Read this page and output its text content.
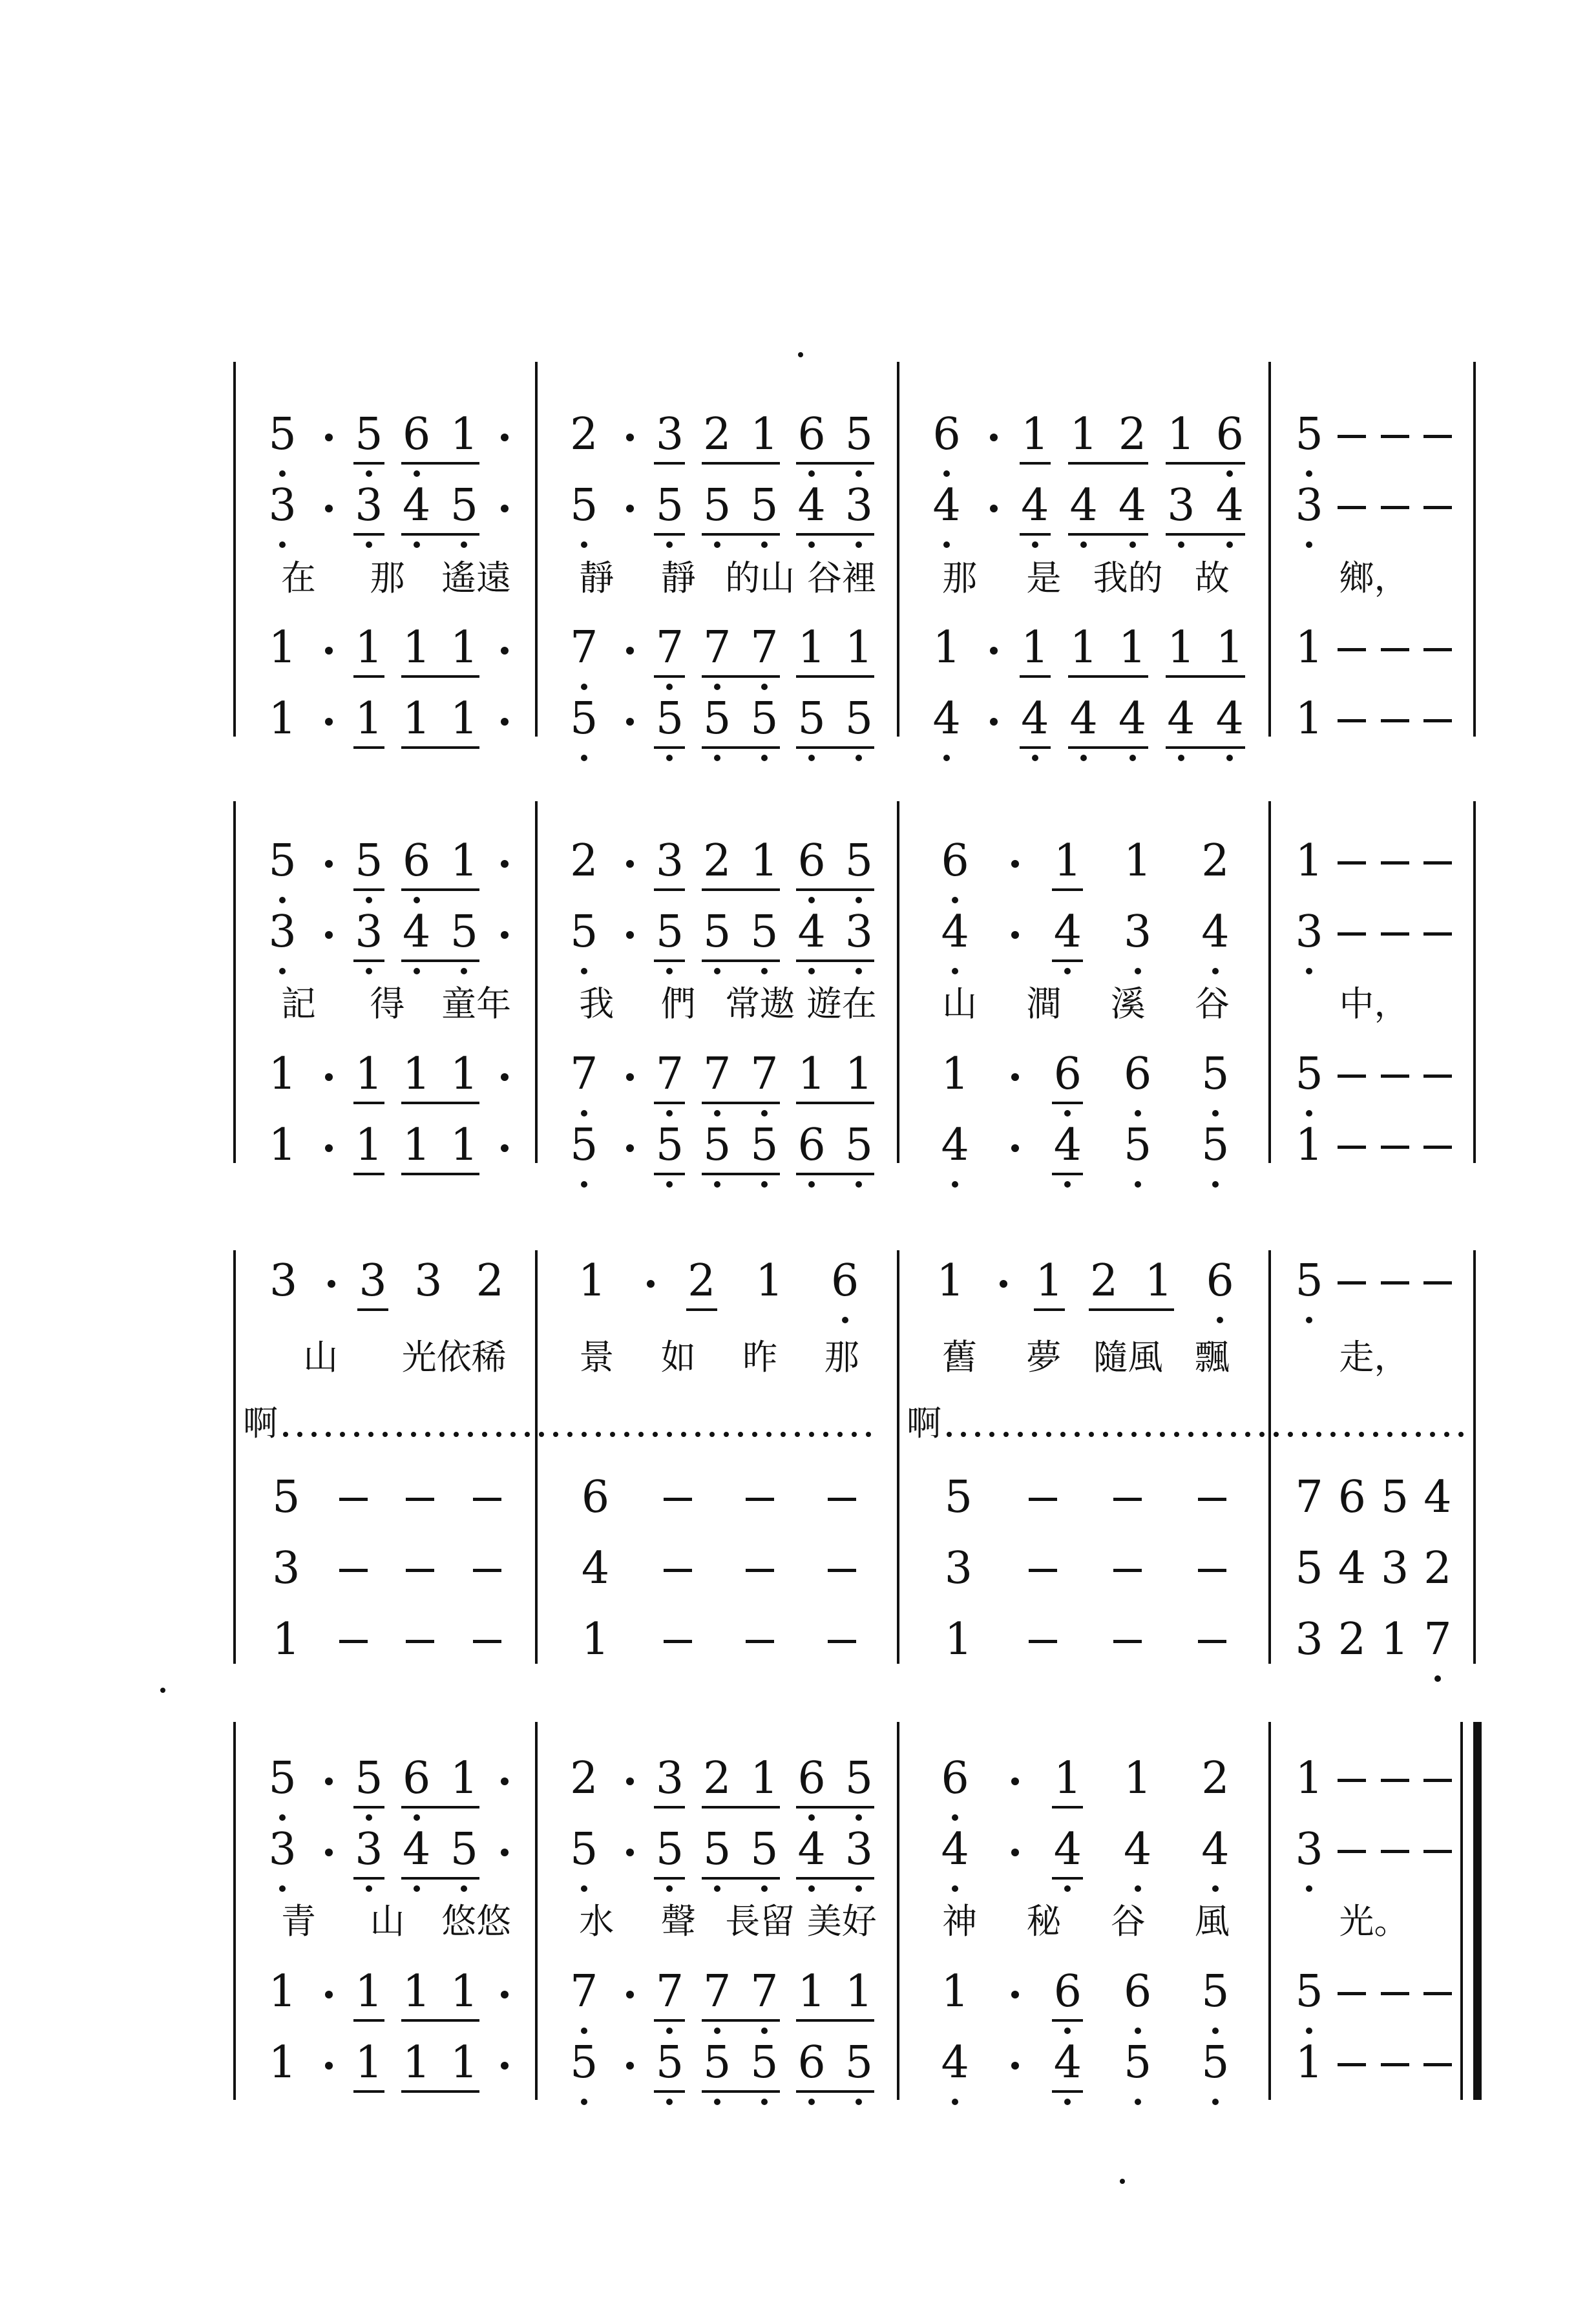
5 5 6 1 2 3 2 1 6 5 6 1 1 2 1 6 5
3 3 4 5 5 5 5 5 4 3 4 4 4 4 3 4 3
1 1 1 1 7 7 7 7 1 1 1 1 1 1 1 1 1
1 1 1 1 5 5 5 5 5 5 4 4 4 4 4 4 1
在 那 遙遠 靜 靜 的山 谷裡 那 是 我的 故	鄉，
5 5 6 1 2 3 2 1 6 5 6 1 1 2 1
3 3 4 5 5 5 5 5 4 3 4 4 3 4 3
1 1 1 1 7 7 7 7 1 1 1 6 6 5 5
1 1 1 1 5 5 5 5 6 5 4 4 5 5 1
記 得 童年 我 們 常遨 遊在 山 澗 溪 谷	中，
3 3 3 2 1 2 1 6 1 1 2 1 6 5
5	6	5	7 6 5 4
3	4	3	5 4 3 2
1	1	1	3 2 1 7
山 光依稀 景 如 昨 那 舊 夢 隨風 飄	走，
啊	啊
5 5 6 1 2 3 2 1 6 5 6 1 1 2 1
3 3 4 5 5 5 5 5 4 3 4 4 4 4 3
1 1 1 1 7 7 7 7 1 1 1 6 6 5 5
1 1 1 1 5 5 5 5 6 5 4 4 5 5 1
青 山 悠悠 水 聲 長留 美好 神 秘 谷 風	光。
